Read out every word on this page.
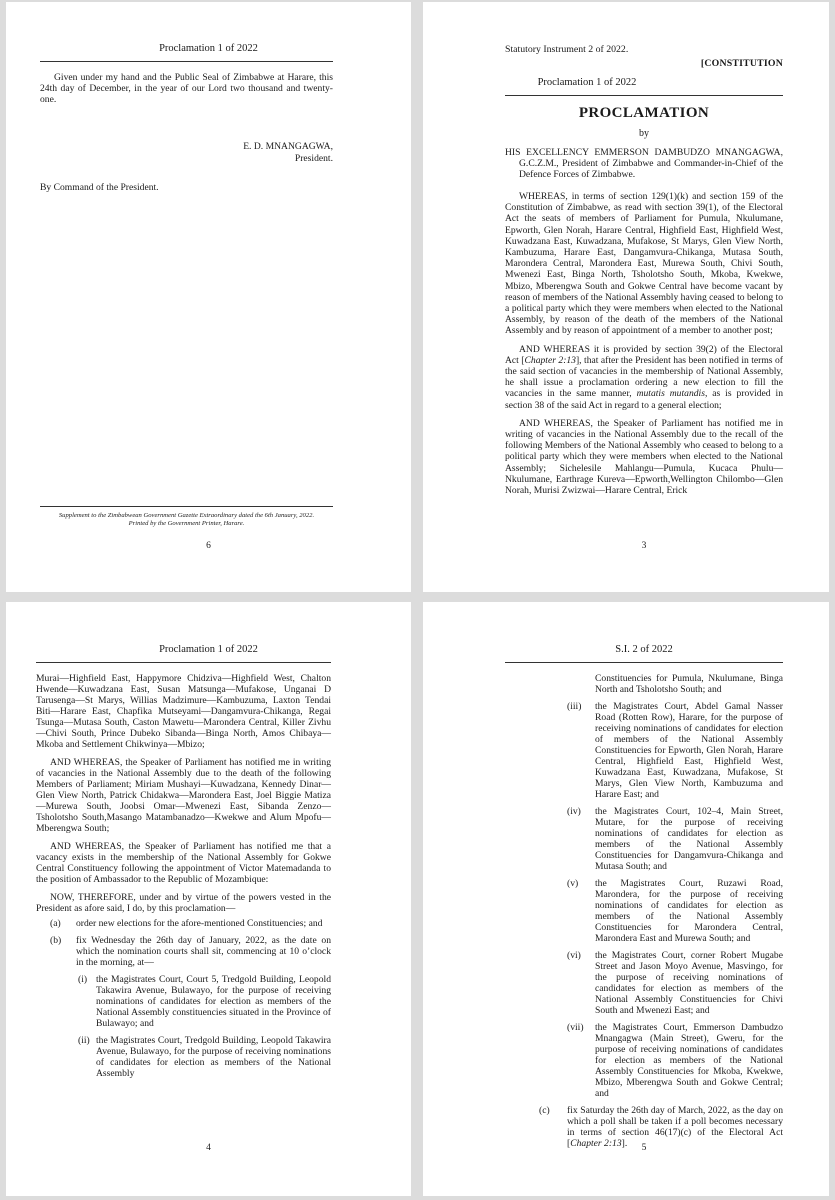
Proclamation 1 of 2022

Given under my hand and the Public Seal of Zimbabwe at Harare, this 24th day of December, in the year of our Lord two thousand and twenty-one.

E. D. MNANGAGWA,
President.
By Command of the President.
Supplement to the Zimbabwean Government Gazette Extraordinary dated the 6th January, 2022.
Printed by the Government Printer, Harare.
6
Statutory Instrument 2 of 2022.
[CONSTITUTION
Proclamation 1 of 2022
PROCLAMATION
by
HIS EXCELLENCY EMMERSON DAMBUDZO MNANGAGWA, G.C.Z.M., President of Zimbabwe and Commander-in-Chief of the Defence Forces of Zimbabwe.

WHEREAS, in terms of section 129(1)(k) and section 159 of the Constitution of Zimbabwe, as read with section 39(1), of the Electoral Act the seats of members of Parliament for Pumula, Nkulumane, Epworth, Glen Norah, Harare Central, Highfield East, Highfield West, Kuwadzana East, Kuwadzana, Mufakose, St Marys, Glen View North, Kambuzuma, Harare East, Dangamvura-Chikanga, Mutasa South, Marondera Central, Marondera East, Murewa South, Chivi South, Mwenezi East, Binga North, Tsholotsho South, Mkoba, Kwekwe, Mbizo, Mberengwa South and Gokwe Central have become vacant by reason of members of the National Assembly having ceased to belong to a political party which they were members when elected to the National Assembly, by reason of the death of the members of the National Assembly and by reason of appointment of a member to another post;

AND WHEREAS it is provided by section 39(2) of the Electoral Act [Chapter 2:13], that after the President has been notified in terms of the said section of vacancies in the membership of National Assembly, he shall issue a proclamation ordering a new election to fill the vacancies in the same manner, mutatis mutandis, as is provided in section 38 of the said Act in regard to a general election;

AND WHEREAS, the Speaker of Parliament has notified me in writing of vacancies in the National Assembly due to the recall of the following Members of the National Assembly who ceased to belong to a political party which they were members when elected to the National Assembly; Sichelesile Mahlangu—Pumula, Kucaca Phulu—Nkulumane, Earthrage Kureva—Epworth,Wellington Chilombo—Glen Norah, Murisi Zwizwai—Harare Central, Erick

3
Proclamation 1 of 2022

Murai—Highfield East, Happymore Chidziva—Highfield West, Chalton Hwende—Kuwadzana East, Susan Matsunga—Mufakose, Unganai D Tarusenga—St Marys, Willias Madzimure—Kambuzuma, Laxton Tendai Biti—Harare East, Chapfika Mutseyami—Dangamvura-Chikanga, Regai Tsunga—Mutasa South, Caston Mawetu—Marondera Central, Killer Zivhu—Chivi South, Prince Dubeko Sibanda—Binga North, Amos Chibaya—Mkoba and Settlement Chikwinya—Mbizo;

AND WHEREAS, the Speaker of Parliament has notified me in writing of vacancies in the National Assembly due to the death of the following Members of Parliament; Miriam Mushayi—Kuwadzana, Kennedy Dinar—Glen View North, Patrick Chidakwa—Marondera East, Joel Biggie Matiza—Murewa South, Joobsi Omar—Mwenezi East, Sibanda Zenzo—Tsholotsho South,Masango Matambanadzo—Kwekwe and Alum Mpofu—Mberengwa South;

AND WHEREAS, the Speaker of Parliament has notified me that a vacancy exists in the membership of the National Assembly for Gokwe Central Constituency following the appointment of Victor Matemadanda to the position of Ambassador to the Republic of Mozambique:

NOW, THEREFORE, under and by virtue of the powers vested in the President as afore said, I do, by this proclamation—

(a)	order new elections for the afore-mentioned Constituencies; and
(b)	fix Wednesday the 26th day of January, 2022, as the date on which the nomination courts shall sit, commencing at 10 o’clock in the morning, at—
(i) the Magistrates Court, Court 5, Tredgold Building, Leopold Takawira Avenue, Bulawayo, for the purpose of receiving nominations of candidates for election as members of the National Assembly constituencies situated in the Province of Bulawayo; and
(ii) the Magistrates Court, Tredgold Building, Leopold Takawira Avenue, Bulawayo, for the purpose of receiving nominations of candidates for election as members of the National Assembly
4
S.I. 2 of 2022
Constituencies for Pumula, Nkulumane, Binga North and Tsholotsho South; and
(iii)	the Magistrates Court, Abdel Gamal Nasser Road (Rotten Row), Harare, for the purpose of receiving nominations of candidates for election of members of the National Assembly Constituencies for Epworth, Glen Norah, Harare Central, Highfield East, Highfield West, Kuwadzana East, Kuwadzana, Mufakose, St Marys, Glen View North, Kambuzuma and Harare East; and
(iv)	the Magistrates Court, 102–4, Main Street, Mutare, for the purpose of receiving nominations of candidates for election as members of the National Assembly Constituencies for Dangamvura-Chikanga and Mutasa South; and
(v)	the Magistrates Court, Ruzawi Road, Marondera, for the purpose of receiving nominations of candidates for election as members of the National Assembly Constituencies for Marondera Central, Marondera East and Murewa South; and
(vi)	the Magistrates Court, corner Robert Mugabe Street and Jason Moyo Avenue, Masvingo, for the purpose of receiving nominations of candidates for election as members of the National Assembly Constituencies for Chivi South and Mwenezi East; and
(vii)	the Magistrates Court, Emmerson Dambudzo Mnangagwa (Main Street), Gweru, for the purpose of receiving nominations of candidates for election as members of the National Assembly Constituencies for Mkoba, Kwekwe, Mbizo, Mberengwa South and Gokwe Central; and
(c)	fix Saturday the 26th day of March, 2022, as the day on which a poll shall be taken if a poll becomes necessary in terms of section 46(17)(c) of the Electoral Act [Chapter 2:13].	5
